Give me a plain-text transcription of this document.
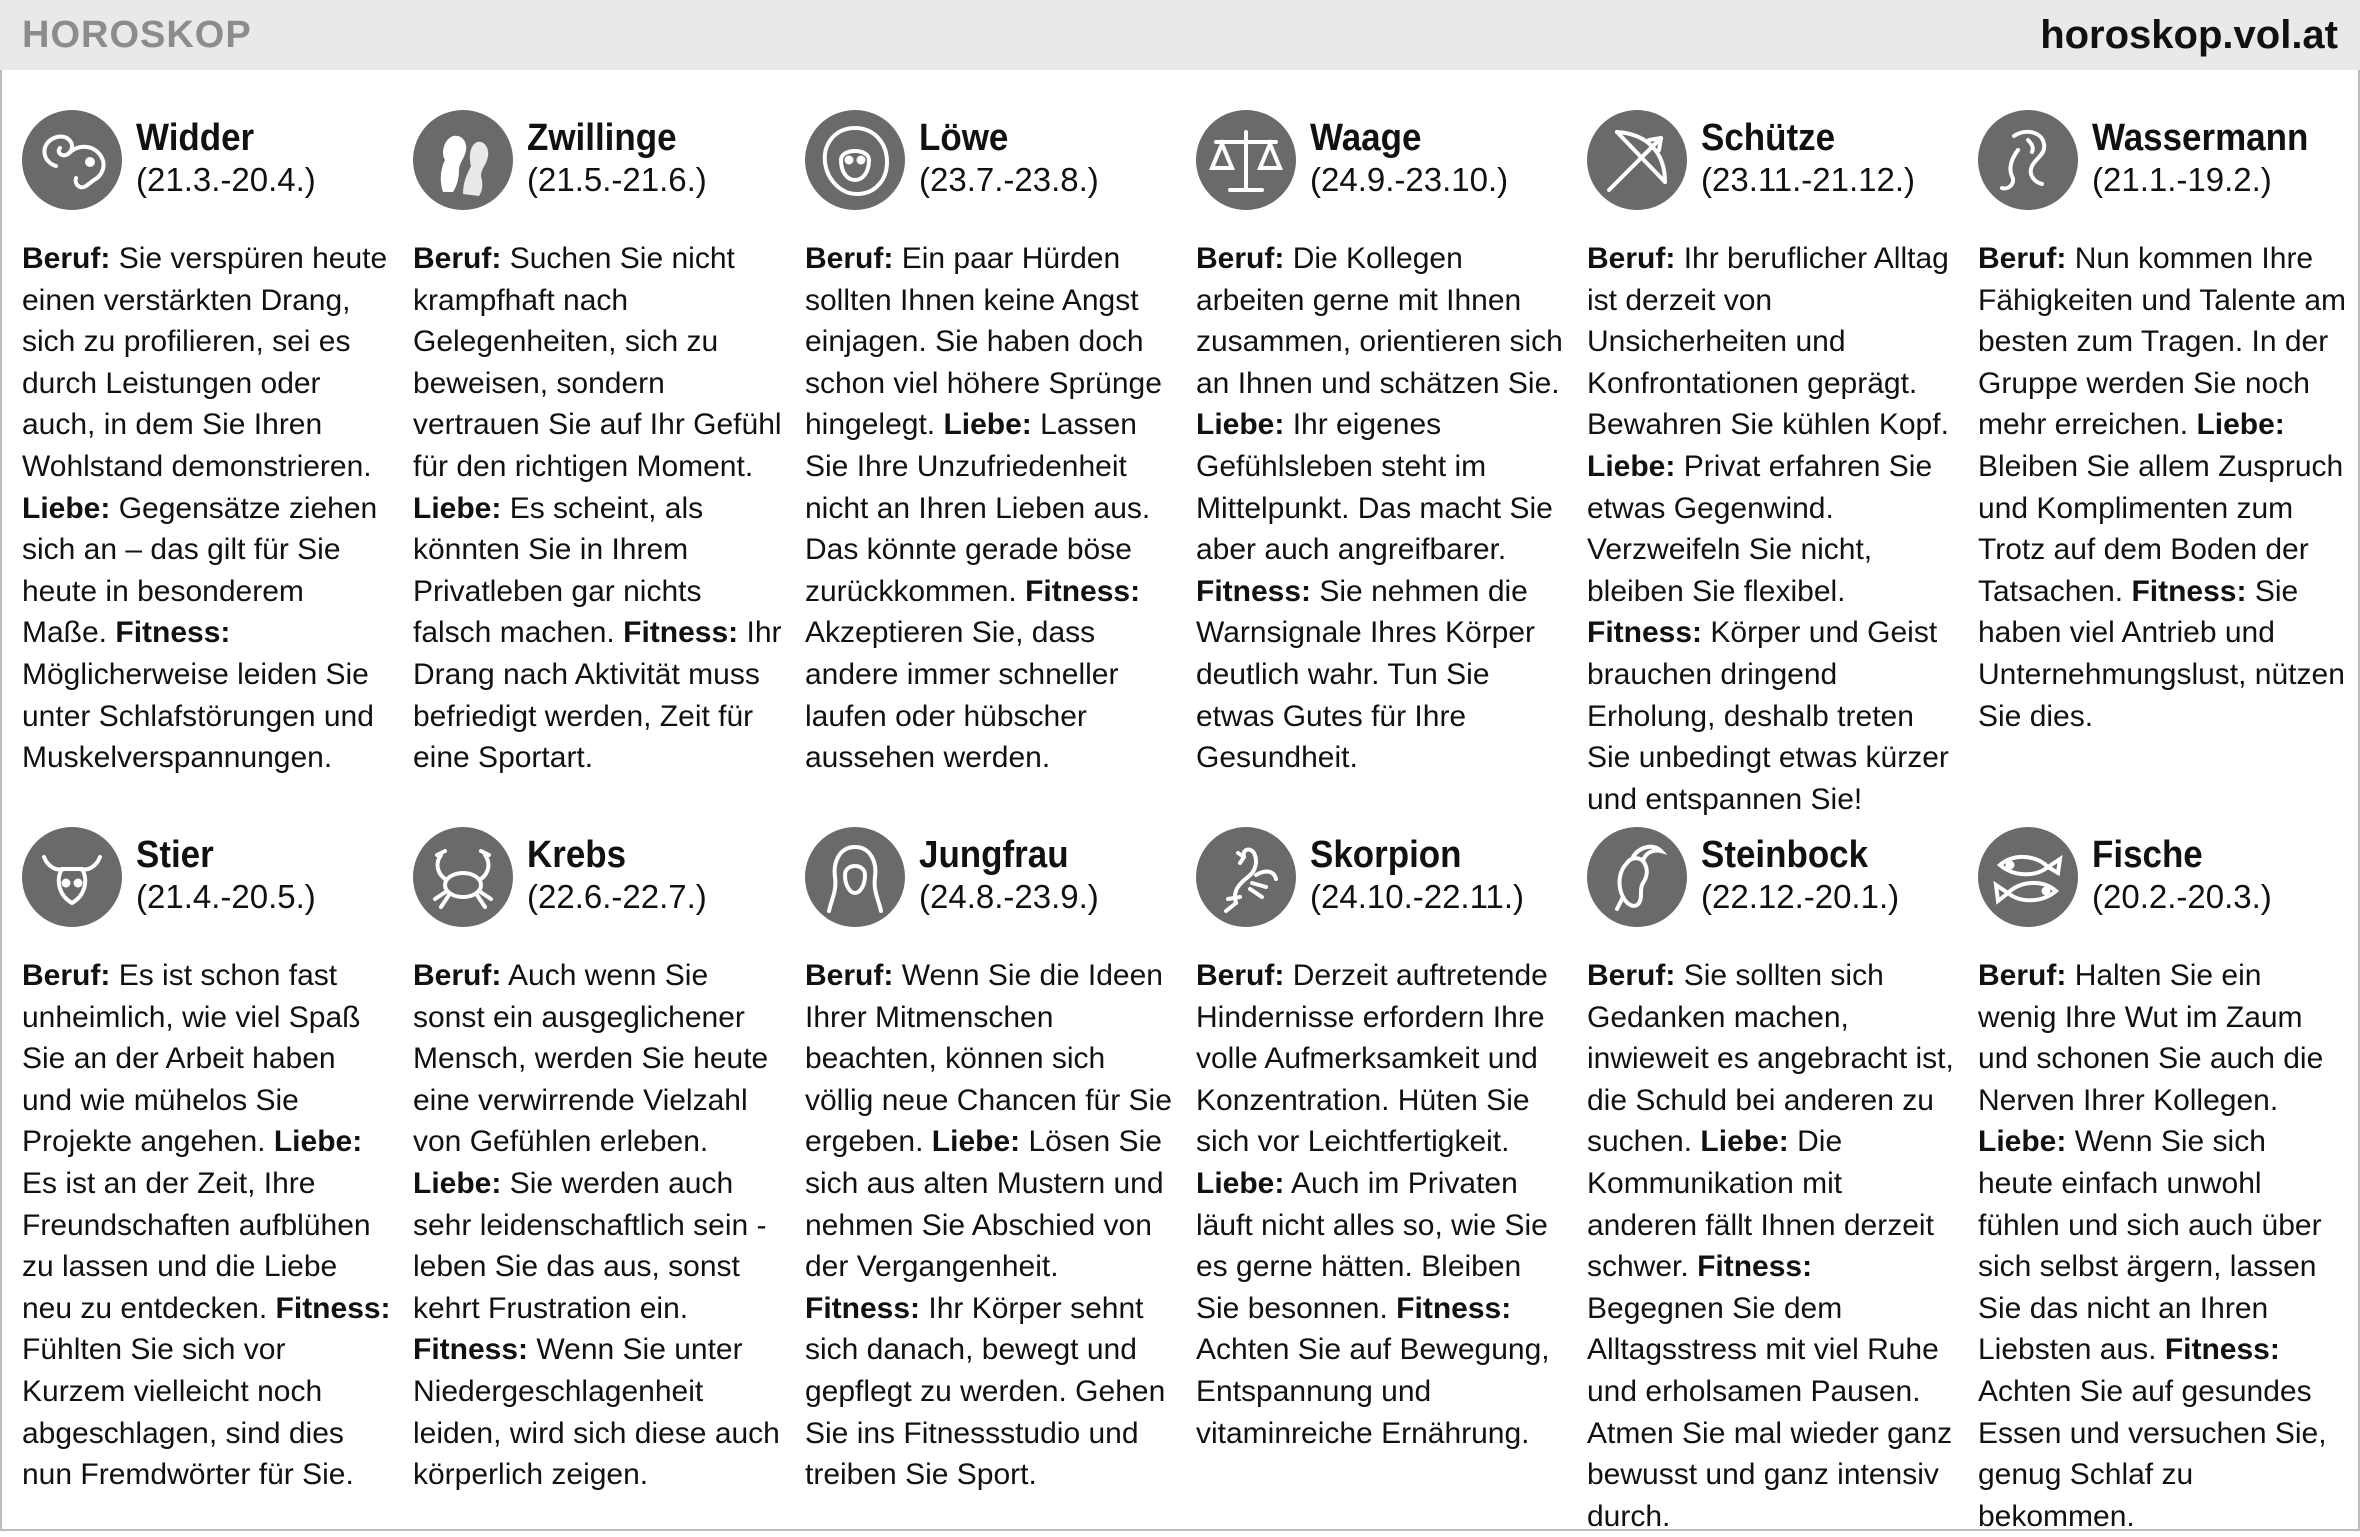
HOROSKOP	horoskop.vol.at
Widder
(21.3.-20.4.)
Beruf: Sie verspüren heute einen verstärkten Drang, sich zu profilieren, sei es durch Leistungen oder auch, in dem Sie Ihren Wohlstand demonstrieren. Liebe: Gegensätze ziehen sich an – das gilt für Sie heute in besonderem Maße. Fitness: Möglicherweise leiden Sie unter Schlafstörungen und Muskelverspannungen.
Zwillinge
(21.5.-21.6.)
Beruf: Suchen Sie nicht krampfhaft nach Gelegenheiten, sich zu beweisen, sondern vertrauen Sie auf Ihr Gefühl für den richtigen Moment. Liebe: Es scheint, als könnten Sie in Ihrem Privatleben gar nichts falsch machen. Fitness: Ihr Drang nach Aktivität muss befriedigt werden, Zeit für eine Sportart.
Löwe
(23.7.-23.8.)
Beruf: Ein paar Hürden sollten Ihnen keine Angst einjagen. Sie haben doch schon viel höhere Sprünge hingelegt. Liebe: Lassen Sie Ihre Unzufriedenheit nicht an Ihren Lieben aus. Das könnte gerade böse zurückkommen. Fitness: Akzeptieren Sie, dass andere immer schneller laufen oder hübscher aussehen werden.
Waage
(24.9.-23.10.)
Beruf: Die Kollegen arbeiten gerne mit Ihnen zusammen, orientieren sich an Ihnen und schätzen Sie. Liebe: Ihr eigenes Gefühlsleben steht im Mittelpunkt. Das macht Sie aber auch angreifbarer. Fitness: Sie nehmen die Warnsignale Ihres Körper deutlich wahr. Tun Sie etwas Gutes für Ihre Gesundheit.
Schütze
(23.11.-21.12.)
Beruf: Ihr beruflicher Alltag ist derzeit von Unsicherheiten und Konfrontationen geprägt. Bewahren Sie kühlen Kopf. Liebe: Privat erfahren Sie etwas Gegenwind. Verzweifeln Sie nicht, bleiben Sie flexibel. Fitness: Körper und Geist brauchen dringend Erholung, deshalb treten Sie unbedingt etwas kürzer und entspannen Sie!
Wassermann
(21.1.-19.2.)
Beruf: Nun kommen Ihre Fähigkeiten und Talente am besten zum Tragen. In der Gruppe werden Sie noch mehr erreichen. Liebe: Bleiben Sie allem Zuspruch und Komplimenten zum Trotz auf dem Boden der Tatsachen. Fitness: Sie haben viel Antrieb und Unternehmungslust, nützen Sie dies.
Stier
(21.4.-20.5.)
Beruf: Es ist schon fast unheimlich, wie viel Spaß Sie an der Arbeit haben und wie mühelos Sie Projekte angehen. Liebe: Es ist an der Zeit, Ihre Freundschaften aufblühen zu lassen und die Liebe neu zu entdecken. Fitness: Fühlten Sie sich vor Kurzem vielleicht noch abgeschlagen, sind dies nun Fremdwörter für Sie.
Krebs
(22.6.-22.7.)
Beruf: Auch wenn Sie sonst ein ausgeglichener Mensch, werden Sie heute eine verwirrende Vielzahl von Gefühlen erleben. Liebe: Sie werden auch sehr leidenschaftlich sein - leben Sie das aus, sonst kehrt Frustration ein. Fitness: Wenn Sie unter Niedergeschlagenheit leiden, wird sich diese auch körperlich zeigen.
Jungfrau
(24.8.-23.9.)
Beruf: Wenn Sie die Ideen Ihrer Mitmenschen beachten, können sich völlig neue Chancen für Sie ergeben. Liebe: Lösen Sie sich aus alten Mustern und nehmen Sie Abschied von der Vergangenheit. Fitness: Ihr Körper sehnt sich danach, bewegt und gepflegt zu werden. Gehen Sie ins Fitnessstudio und treiben Sie Sport.
Skorpion
(24.10.-22.11.)
Beruf: Derzeit auftretende Hindernisse erfordern Ihre volle Aufmerksamkeit und Konzentration. Hüten Sie sich vor Leichtfertigkeit. Liebe: Auch im Privaten läuft nicht alles so, wie Sie es gerne hätten. Bleiben Sie besonnen. Fitness: Achten Sie auf Bewegung, Entspannung und vitaminreiche Ernährung.
Steinbock
(22.12.-20.1.)
Beruf: Sie sollten sich Gedanken machen, inwieweit es angebracht ist, die Schuld bei anderen zu suchen. Liebe: Die Kommunikation mit anderen fällt Ihnen derzeit schwer. Fitness: Begegnen Sie dem Alltagsstress mit viel Ruhe und erholsamen Pausen. Atmen Sie mal wieder ganz bewusst und ganz intensiv durch.
Fische
(20.2.-20.3.)
Beruf: Halten Sie ein wenig Ihre Wut im Zaum und schonen Sie auch die Nerven Ihrer Kollegen. Liebe: Wenn Sie sich heute einfach unwohl fühlen und sich auch über sich selbst ärgern, lassen Sie das nicht an Ihren Liebsten aus. Fitness: Achten Sie auf gesundes Essen und versuchen Sie, genug Schlaf zu bekommen.
